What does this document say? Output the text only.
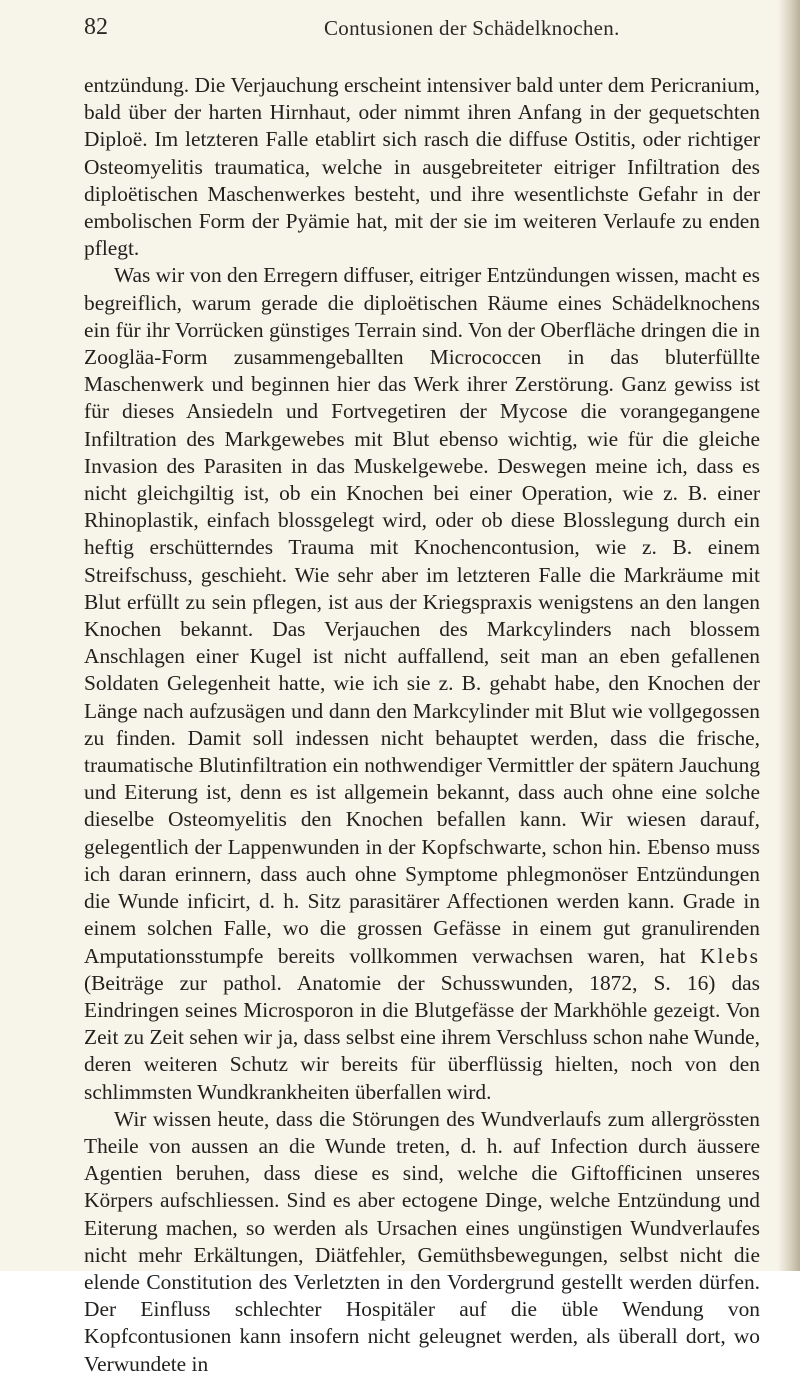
82	Contusionen der Schädelknochen.

entzündung. Die Verjauchung erscheint intensiver bald unter dem Pericranium, bald über der harten Hirnhaut, oder nimmt ihren Anfang in der gequetschten Diploë. Im letzteren Falle etablirt sich rasch die diffuse Ostitis, oder richtiger Osteomyelitis traumatica, welche in ausgebreiteter eitriger Infiltration des diploëtischen Maschenwerkes besteht, und ihre wesentlichste Gefahr in der embolischen Form der Pyämie hat, mit der sie im weiteren Verlaufe zu enden pflegt.

Was wir von den Erregern diffuser, eitriger Entzündungen wissen, macht es begreiflich, warum gerade die diploëtischen Räume eines Schädelknochens ein für ihr Vorrücken günstiges Terrain sind. Von der Oberfläche dringen die in Zoogläa-Form zusammengeballten Micrococcen in das bluterfüllte Maschenwerk und beginnen hier das Werk ihrer Zerstörung. Ganz gewiss ist für dieses Ansiedeln und Fortvegetiren der Mycose die vorangegangene Infiltration des Markgewebes mit Blut ebenso wichtig, wie für die gleiche Invasion des Parasiten in das Muskelgewebe. Deswegen meine ich, dass es nicht gleichgiltig ist, ob ein Knochen bei einer Operation, wie z. B. einer Rhinoplastik, einfach blossgelegt wird, oder ob diese Blosslegung durch ein heftig erschütterndes Trauma mit Knochencontusion, wie z. B. einem Streifschuss, geschieht. Wie sehr aber im letzteren Falle die Markräume mit Blut erfüllt zu sein pflegen, ist aus der Kriegspraxis wenigstens an den langen Knochen bekannt. Das Verjauchen des Markcylinders nach blossem Anschlagen einer Kugel ist nicht auffallend, seit man an eben gefallenen Soldaten Gelegenheit hatte, wie ich sie z. B. gehabt habe, den Knochen der Länge nach aufzusägen und dann den Markcylinder mit Blut wie vollgegossen zu finden. Damit soll indessen nicht behauptet werden, dass die frische, traumatische Blutinfiltration ein nothwendiger Vermittler der spätern Jauchung und Eiterung ist, denn es ist allgemein bekannt, dass auch ohne eine solche dieselbe Osteomyelitis den Knochen befallen kann. Wir wiesen darauf, gelegentlich der Lappenwunden in der Kopfschwarte, schon hin. Ebenso muss ich daran erinnern, dass auch ohne Symptome phlegmonöser Entzündungen die Wunde inficirt, d. h. Sitz parasitärer Affectionen werden kann. Grade in einem solchen Falle, wo die grossen Gefässe in einem gut granulirenden Amputationsstumpfe bereits vollkommen verwachsen waren, hat Klebs (Beiträge zur pathol. Anatomie der Schusswunden, 1872, S. 16) das Eindringen seines Microsporon in die Blutgefässe der Markhöhle gezeigt. Von Zeit zu Zeit sehen wir ja, dass selbst eine ihrem Verschluss schon nahe Wunde, deren weiteren Schutz wir bereits für überflüssig hielten, noch von den schlimmsten Wundkrankheiten überfallen wird.

Wir wissen heute, dass die Störungen des Wundverlaufs zum allergrössten Theile von aussen an die Wunde treten, d. h. auf Infection durch äussere Agentien beruhen, dass diese es sind, welche die Giftofficinen unseres Körpers aufschliessen. Sind es aber ectogene Dinge, welche Entzündung und Eiterung machen, so werden als Ursachen eines ungünstigen Wundverlaufes nicht mehr Erkältungen, Diätfehler, Gemüthsbewegungen, selbst nicht die elende Constitution des Verletzten in den Vordergrund gestellt werden dürfen. Der Einfluss schlechter Hospitäler auf die üble Wendung von Kopfcontusionen kann insofern nicht geleugnet werden, als überall dort, wo Verwundete in
